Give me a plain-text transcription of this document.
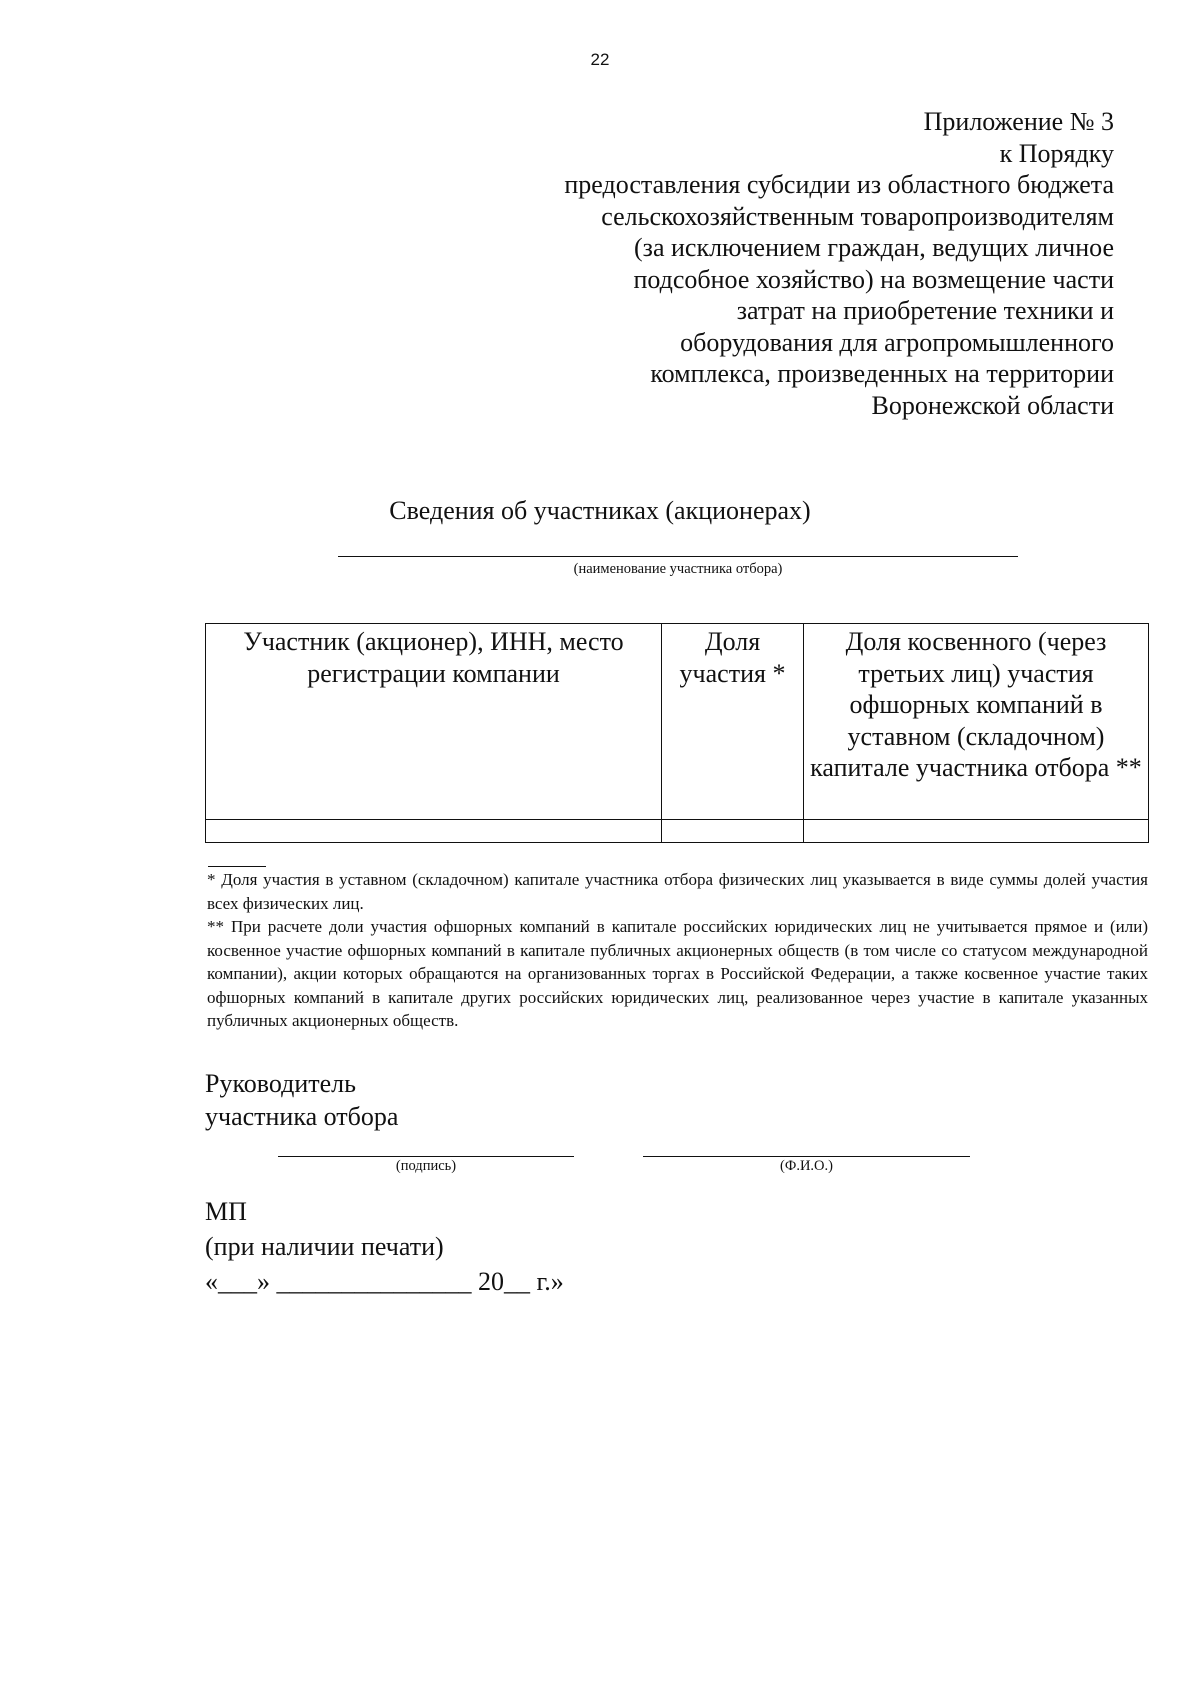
22
Приложение № 3
к Порядку
предоставления субсидии из областного бюджета
сельскохозяйственным товаропроизводителям
(за исключением граждан, ведущих личное
подсобное хозяйство) на возмещение части
затрат на приобретение техники и
оборудования для агропромышленного
комплекса, произведенных на территории
Воронежской области
Сведения об участниках (акционерах)
(наименование участника отбора)
Участник (акционер), ИНН, место регистрации компании	Доля участия *	Доля косвенного (через третьих лиц) участия офшорных компаний в уставном (складочном) капитале участника отбора **

* Доля участия в уставном (складочном) капитале участника отбора физических лиц указывается в виде суммы долей участия всех физических лиц.

** При расчете доли участия офшорных компаний в капитале российских юридических лиц не учитывается прямое и (или) косвенное участие офшорных компаний в капитале публичных акционерных обществ (в том числе со статусом международной компании), акции которых обращаются на организованных торгах в Российской Федерации, а также косвенное участие таких офшорных компаний в капитале других российских юридических лиц, реализованное через участие в капитале указанных публичных акционерных обществ.

Руководитель
участника отбора
(подпись)	(Ф.И.О.)
МП
(при наличии печати)
«___» _______________ 20__ г.»
